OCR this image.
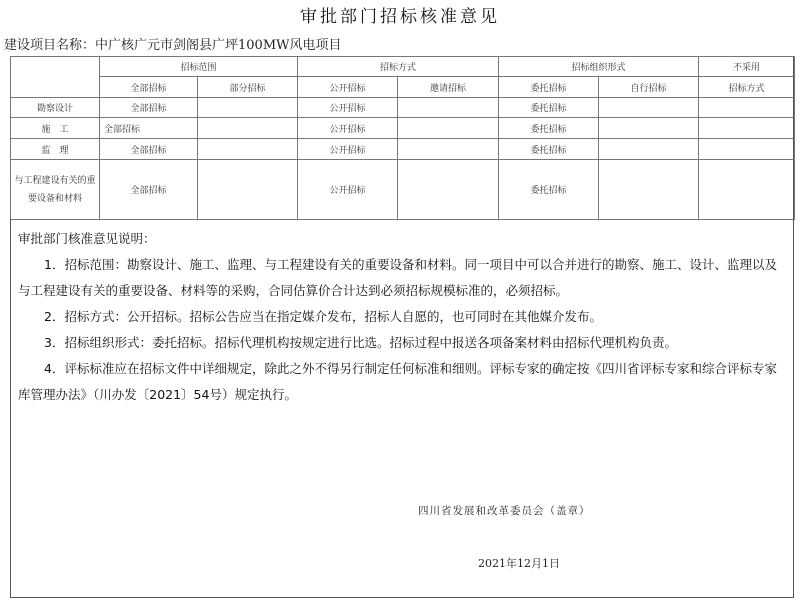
审批部门招标核准意见
建设项目名称：中广核广元市剑阁县广坪100MW风电项目
	招标范围		招标方式		招标组织形式		不采用
	全部招标	部分招标	公开招标	邀请招标	委托招标	自行招标	招标方式
勘察设计	全部招标		公开招标		委托招标		
施　工	全部招标		公开招标		委托招标		
监　理	全部招标		公开招标		委托招标		
与工程建设有关的重要设备和材料	全部招标		公开招标		委托招标		
审批部门核准意见说明：
1．招标范围：勘察设计、施工、监理、与工程建设有关的重要设备和材料。同一项目中可以合并进行的勘察、施工、设计、监理以及与工程建设有关的重要设备、材料等的采购，合同估算价合计达到必须招标规模标准的，必须招标。
2．招标方式：公开招标。招标公告应当在指定媒介发布，招标人自愿的，也可同时在其他媒介发布。
3．招标组织形式：委托招标。招标代理机构按规定进行比选。招标过程中报送各项备案材料由招标代理机构负责。
4．评标标准应在招标文件中详细规定，除此之外不得另行制定任何标准和细则。评标专家的确定按《四川省评标专家和综合评标专家库管理办法》（川办发〔2021〕54号）规定执行。
四川省发展和改革委员会（盖章）
2021年12月1日
